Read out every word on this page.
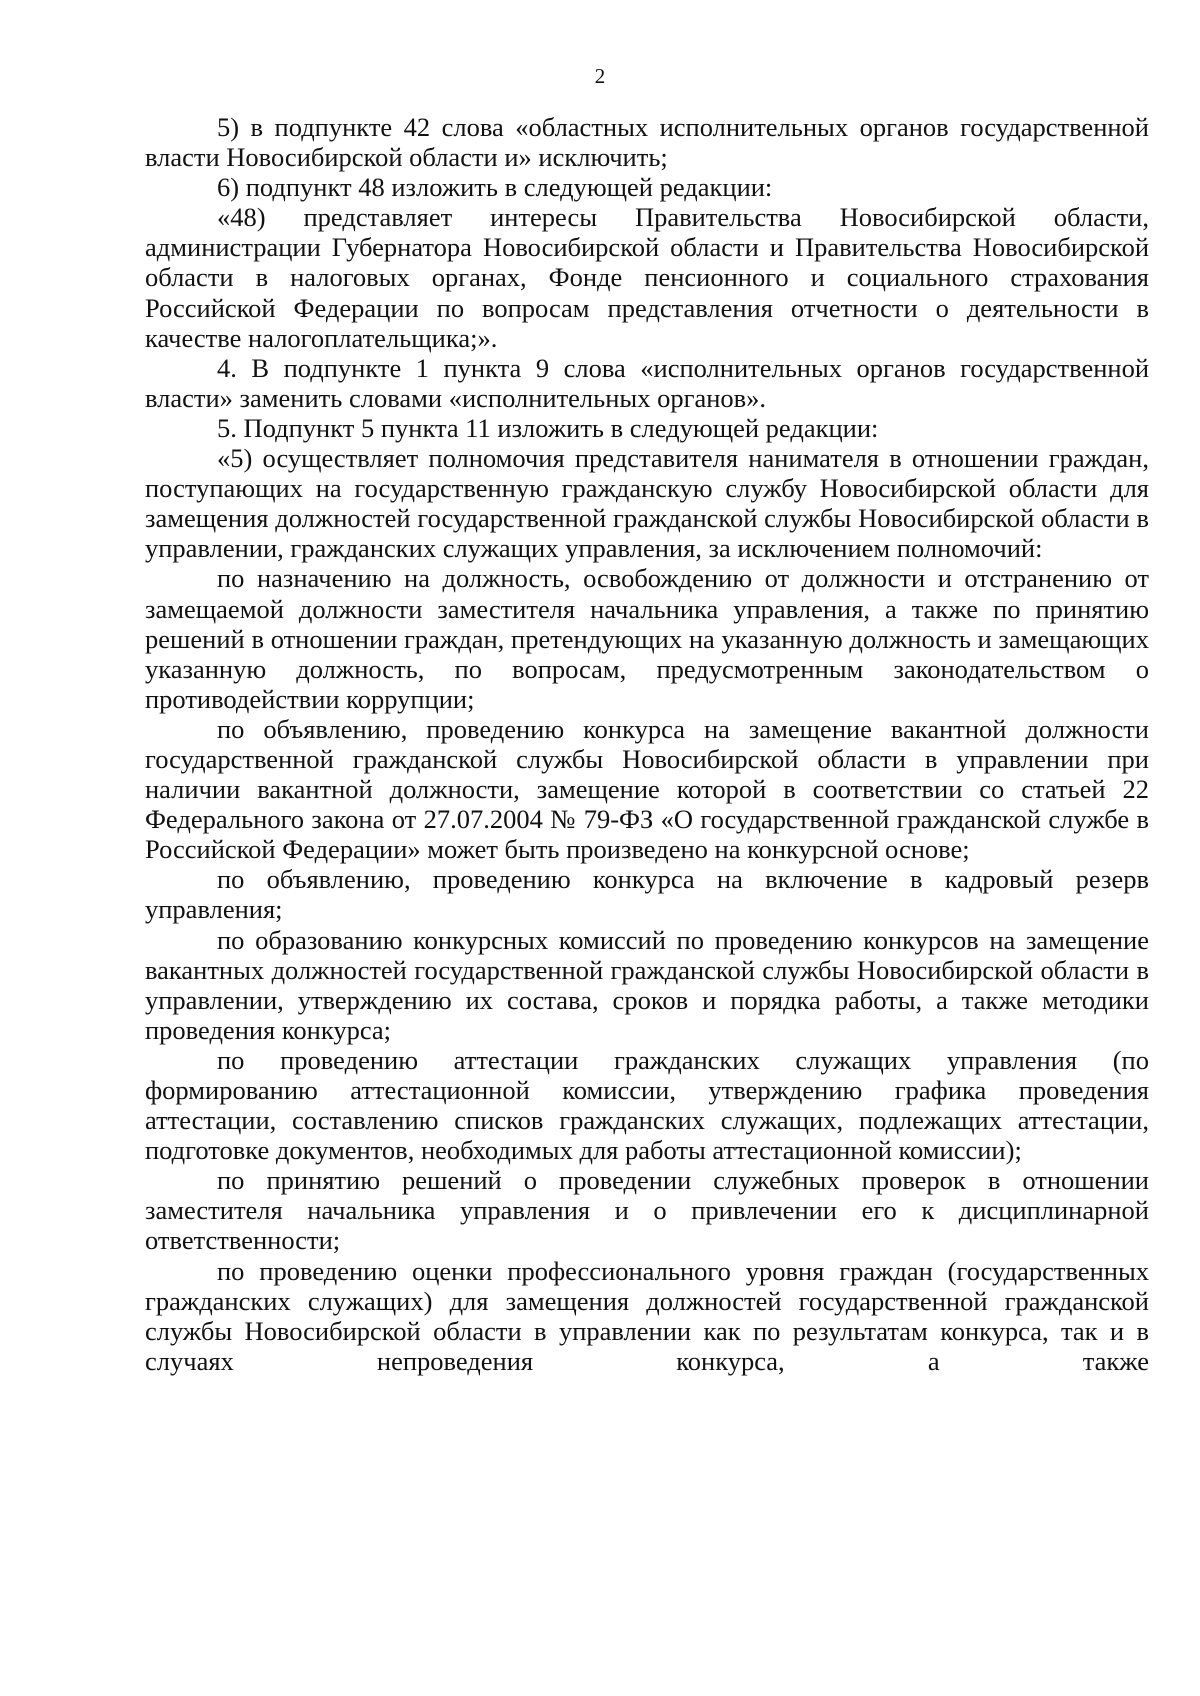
2

5) в подпункте 42 слова «областных исполнительных органов государственной власти Новосибирской области и» исключить;

6) подпункт 48 изложить в следующей редакции:

«48) представляет интересы Правительства Новосибирской области, администрации Губернатора Новосибирской области и Правительства Новосибирской области в налоговых органах, Фонде пенсионного и социального страхования Российской Федерации по вопросам представления отчетности о деятельности в качестве налогоплательщика;».

4. В подпункте 1 пункта 9 слова «исполнительных органов государственной власти» заменить словами «исполнительных органов».

5. Подпункт 5 пункта 11 изложить в следующей редакции:

«5) осуществляет полномочия представителя нанимателя в отношении граждан, поступающих на государственную гражданскую службу Новосибирской области для замещения должностей государственной гражданской службы Новосибирской области в управлении, гражданских служащих управления, за исключением полномочий:

по назначению на должность, освобождению от должности и отстранению от замещаемой должности заместителя начальника управления, а также по принятию решений в отношении граждан, претендующих на указанную должность и замещающих указанную должность, по вопросам, предусмотренным законодательством о противодействии коррупции;

по объявлению, проведению конкурса на замещение вакантной должности государственной гражданской службы Новосибирской области в управлении при наличии вакантной должности, замещение которой в соответствии со статьей 22 Федерального закона от 27.07.2004 № 79-ФЗ «О государственной гражданской службе в Российской Федерации» может быть произведено на конкурсной основе;

по объявлению, проведению конкурса на включение в кадровый резерв управления;

по образованию конкурсных комиссий по проведению конкурсов на замещение вакантных должностей государственной гражданской службы Новосибирской области в управлении, утверждению их состава, сроков и порядка работы, а также методики проведения конкурса;

по проведению аттестации гражданских служащих управления (по формированию аттестационной комиссии, утверждению графика проведения аттестации, составлению списков гражданских служащих, подлежащих аттестации, подготовке документов, необходимых для работы аттестационной комиссии);

по принятию решений о проведении служебных проверок в отношении заместителя начальника управления и о привлечении его к дисциплинарной ответственности;

по проведению оценки профессионального уровня граждан (государственных гражданских служащих) для замещения должностей государственной гражданской службы Новосибирской области в управлении как по результатам конкурса, так и в случаях непроведения конкурса, а также
